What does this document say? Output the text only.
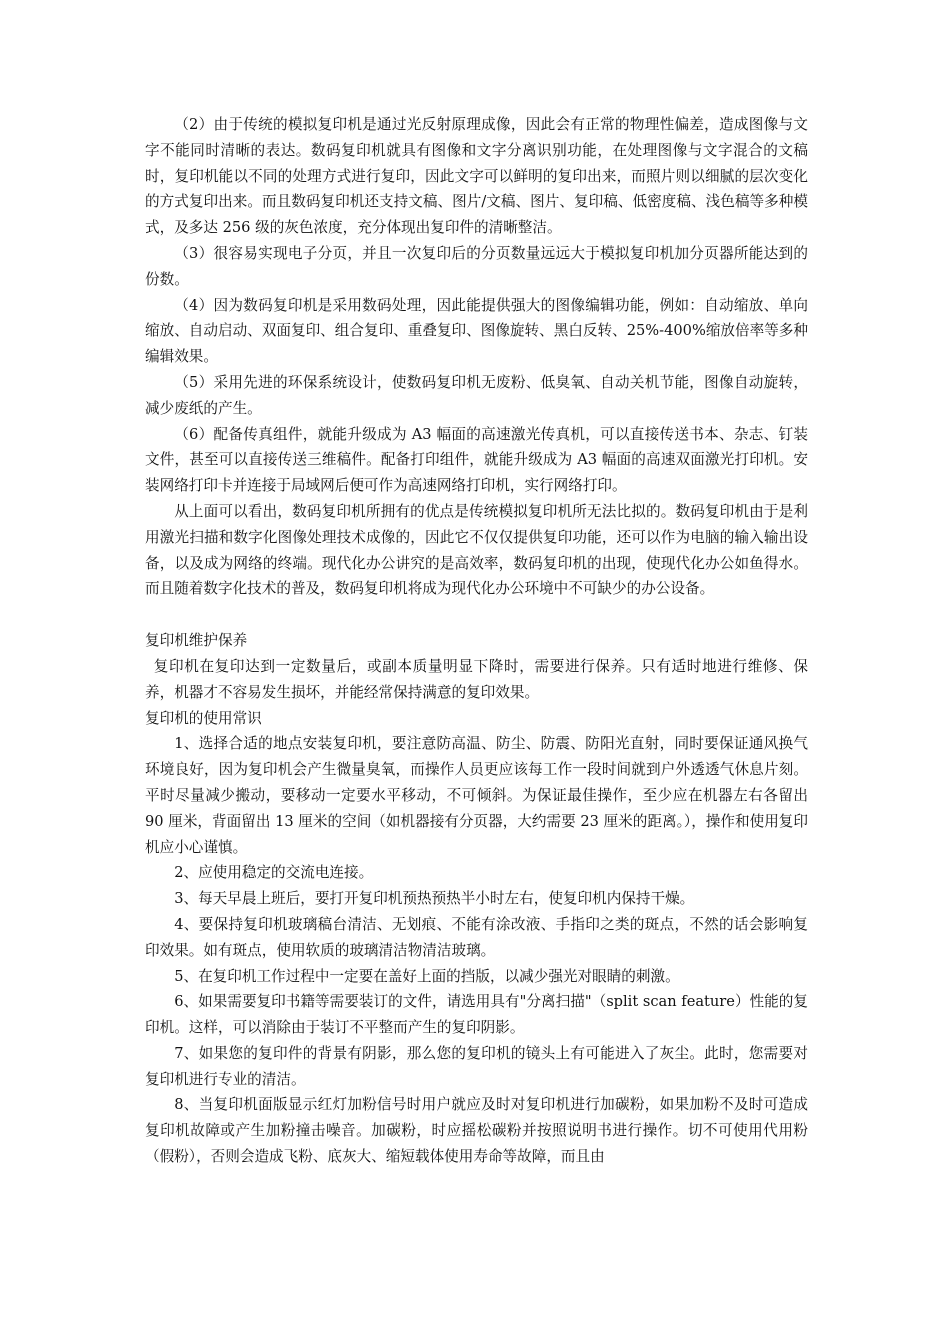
（2）由于传统的模拟复印机是通过光反射原理成像，因此会有正常的物理性偏差，造成图像与文字不能同时清晰的表达。数码复印机就具有图像和文字分离识别功能，在处理图像与文字混合的文稿时，复印机能以不同的处理方式进行复印，因此文字可以鲜明的复印出来，而照片则以细腻的层次变化的方式复印出来。而且数码复印机还支持文稿、图片/文稿、图片、复印稿、低密度稿、浅色稿等多种模式，及多达 256 级的灰色浓度，充分体现出复印件的清晰整洁。

（3）很容易实现电子分页，并且一次复印后的分页数量远远大于模拟复印机加分页器所能达到的份数。

（4）因为数码复印机是采用数码处理，因此能提供强大的图像编辑功能，例如：自动缩放、单向缩放、自动启动、双面复印、组合复印、重叠复印、图像旋转、黑白反转、25%-400%缩放倍率等多种编辑效果。

（5）采用先进的环保系统设计，使数码复印机无废粉、低臭氧、自动关机节能，图像自动旋转，减少废纸的产生。

（6）配备传真组件，就能升级成为 A3 幅面的高速激光传真机，可以直接传送书本、杂志、钉装文件，甚至可以直接传送三维稿件。配备打印组件，就能升级成为 A3 幅面的高速双面激光打印机。安装网络打印卡并连接于局域网后便可作为高速网络打印机，实行网络打印。

从上面可以看出，数码复印机所拥有的优点是传统模拟复印机所无法比拟的。数码复印机由于是利用激光扫描和数字化图像处理技术成像的，因此它不仅仅提供复印功能，还可以作为电脑的输入输出设备，以及成为网络的终端。现代化办公讲究的是高效率，数码复印机的出现，使现代化办公如鱼得水。而且随着数字化技术的普及，数码复印机将成为现代化办公环境中不可缺少的办公设备。

复印机维护保养

复印机在复印达到一定数量后，或副本质量明显下降时，需要进行保养。只有适时地进行维修、保养，机器才不容易发生损坏，并能经常保持满意的复印效果。

复印机的使用常识

1、选择合适的地点安装复印机，要注意防高温、防尘、防震、防阳光直射，同时要保证通风换气环境良好，因为复印机会产生微量臭氧，而操作人员更应该每工作一段时间就到户外透透气休息片刻。平时尽量减少搬动，要移动一定要水平移动，不可倾斜。为保证最佳操作，至少应在机器左右各留出 90 厘米，背面留出 13 厘米的空间（如机器接有分页器，大约需要 23 厘米的距离。），操作和使用复印机应小心谨慎。

2、应使用稳定的交流电连接。

3、每天早晨上班后，要打开复印机预热预热半小时左右，使复印机内保持干燥。

4、要保持复印机玻璃稿台清洁、无划痕、不能有涂改液、手指印之类的斑点，不然的话会影响复印效果。如有斑点，使用软质的玻璃清洁物清洁玻璃。

5、在复印机工作过程中一定要在盖好上面的挡版，以减少强光对眼睛的刺激。

6、如果需要复印书籍等需要装订的文件，请选用具有"分离扫描"（split scan feature）性能的复印机。这样，可以消除由于装订不平整而产生的复印阴影。

7、如果您的复印件的背景有阴影，那么您的复印机的镜头上有可能进入了灰尘。此时，您需要对复印机进行专业的清洁。

8、当复印机面版显示红灯加粉信号时用户就应及时对复印机进行加碳粉，如果加粉不及时可造成复印机故障或产生加粉撞击噪音。加碳粉，时应摇松碳粉并按照说明书进行操作。切不可使用代用粉（假粉），否则会造成飞粉、底灰大、缩短载体使用寿命等故障，而且由
